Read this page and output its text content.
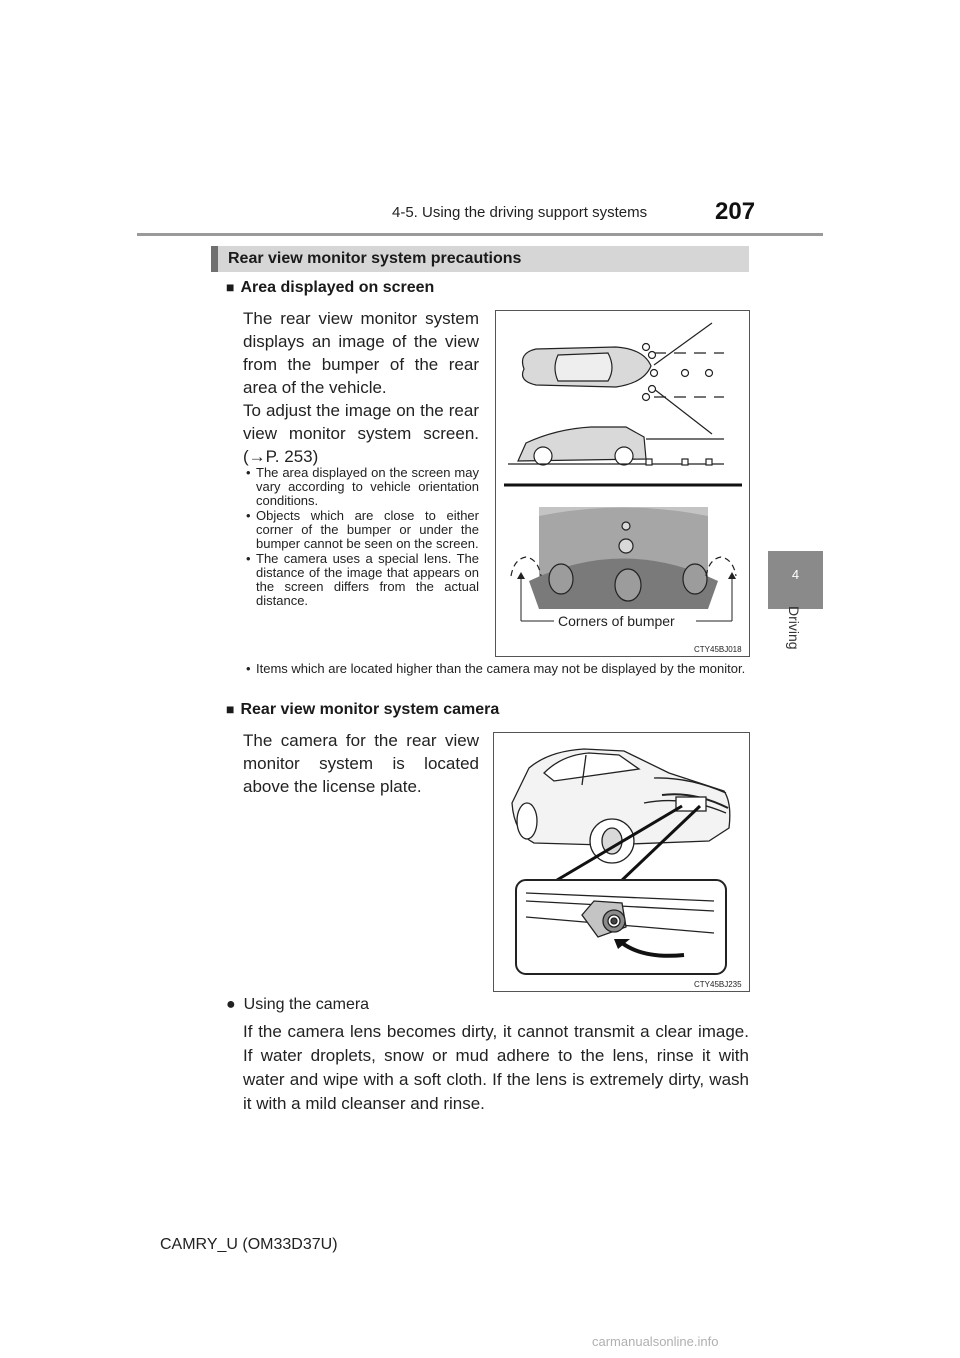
4-5. Using the driving support systems	207
4
Driving
Rear view monitor system precautions
■ Area displayed on screen
The rear view monitor system displays an image of the view from the bumper of the rear area of the vehicle.
To adjust the image on the rear view monitor system screen. (→P. 253)
• The area displayed on the screen may vary according to vehicle orientation conditions.
• Objects which are close to either corner of the bumper or under the bumper cannot be seen on the screen.
• The camera uses a special lens. The distance of the image that appears on the screen differs from the actual distance.
• Items which are located higher than the camera may not be displayed by the monitor.
Corners of bumper
CTY45BJ018
■ Rear view monitor system camera
The camera for the rear view monitor system is located above the license plate.
CTY45BJ235
● Using the camera
If the camera lens becomes dirty, it cannot transmit a clear image. If water droplets, snow or mud adhere to the lens, rinse it with water and wipe with a soft cloth. If the lens is extremely dirty, wash it with a mild cleanser and rinse.
CAMRY_U (OM33D37U)
carmanualsonline.info
